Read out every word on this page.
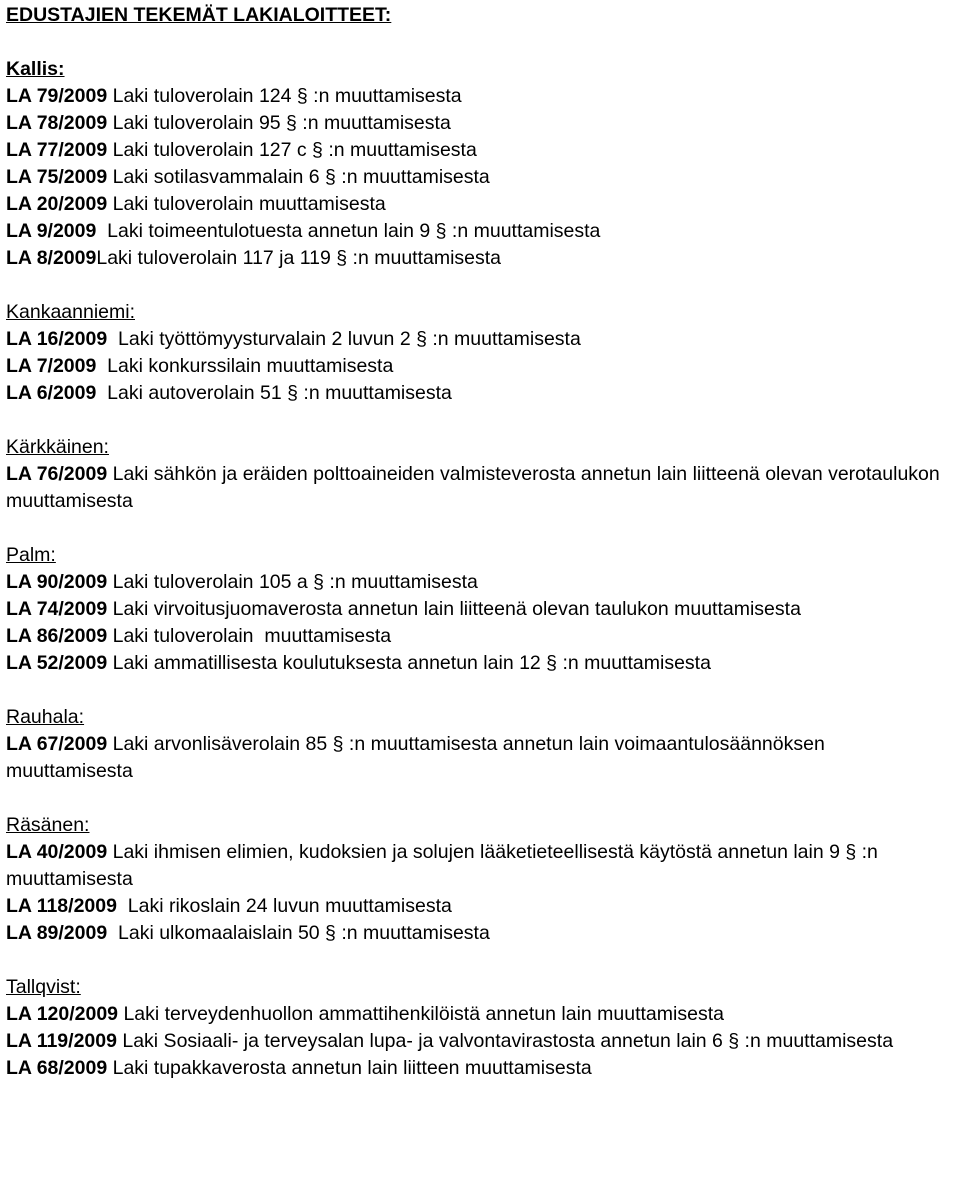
EDUSTAJIEN TEKEMÄT LAKIALOITTEET:
Kallis:
LA 79/2009 Laki tuloverolain 124 § :n muuttamisesta
LA 78/2009 Laki tuloverolain 95 § :n muuttamisesta
LA 77/2009 Laki tuloverolain 127 c § :n muuttamisesta
LA 75/2009 Laki sotilasvammalain 6 § :n muuttamisesta
LA 20/2009 Laki tuloverolain muuttamisesta
LA 9/2009  Laki toimeentulotuesta annetun lain 9 § :n muuttamisesta
LA 8/2009Laki tuloverolain 117 ja 119 § :n muuttamisesta
Kankaanniemi:
LA 16/2009  Laki työttömyysturvalain 2 luvun 2 § :n muuttamisesta
LA 7/2009  Laki konkurssilain muuttamisesta
LA 6/2009  Laki autoverolain 51 § :n muuttamisesta
Kärkkäinen:
LA 76/2009 Laki sähkön ja eräiden polttoaineiden valmisteverosta annetun lain liitteenä olevan verotaulukon muuttamisesta
Palm:
LA 90/2009 Laki tuloverolain 105 a § :n muuttamisesta
LA 74/2009 Laki virvoitusjuomaverosta annetun lain liitteenä olevan taulukon muuttamisesta
LA 86/2009 Laki tuloverolain  muuttamisesta
LA 52/2009 Laki ammatillisesta koulutuksesta annetun lain 12 § :n muuttamisesta
Rauhala:
LA 67/2009 Laki arvonlisäverolain 85 § :n muuttamisesta annetun lain voimaantulosäännöksen muuttamisesta
Räsänen:
LA 40/2009 Laki ihmisen elimien, kudoksien ja solujen lääketieteellisestä käytöstä annetun lain 9 § :n muuttamisesta
LA 118/2009  Laki rikoslain 24 luvun muuttamisesta
LA 89/2009  Laki ulkomaalaislain 50 § :n muuttamisesta
Tallqvist:
LA 120/2009 Laki terveydenhuollon ammattihenkilöistä annetun lain muuttamisesta
LA 119/2009 Laki Sosiaali- ja terveysalan lupa- ja valvontavirastosta annetun lain 6 § :n muuttamisesta
LA 68/2009 Laki tupakkaverosta annetun lain liitteen muuttamisesta
